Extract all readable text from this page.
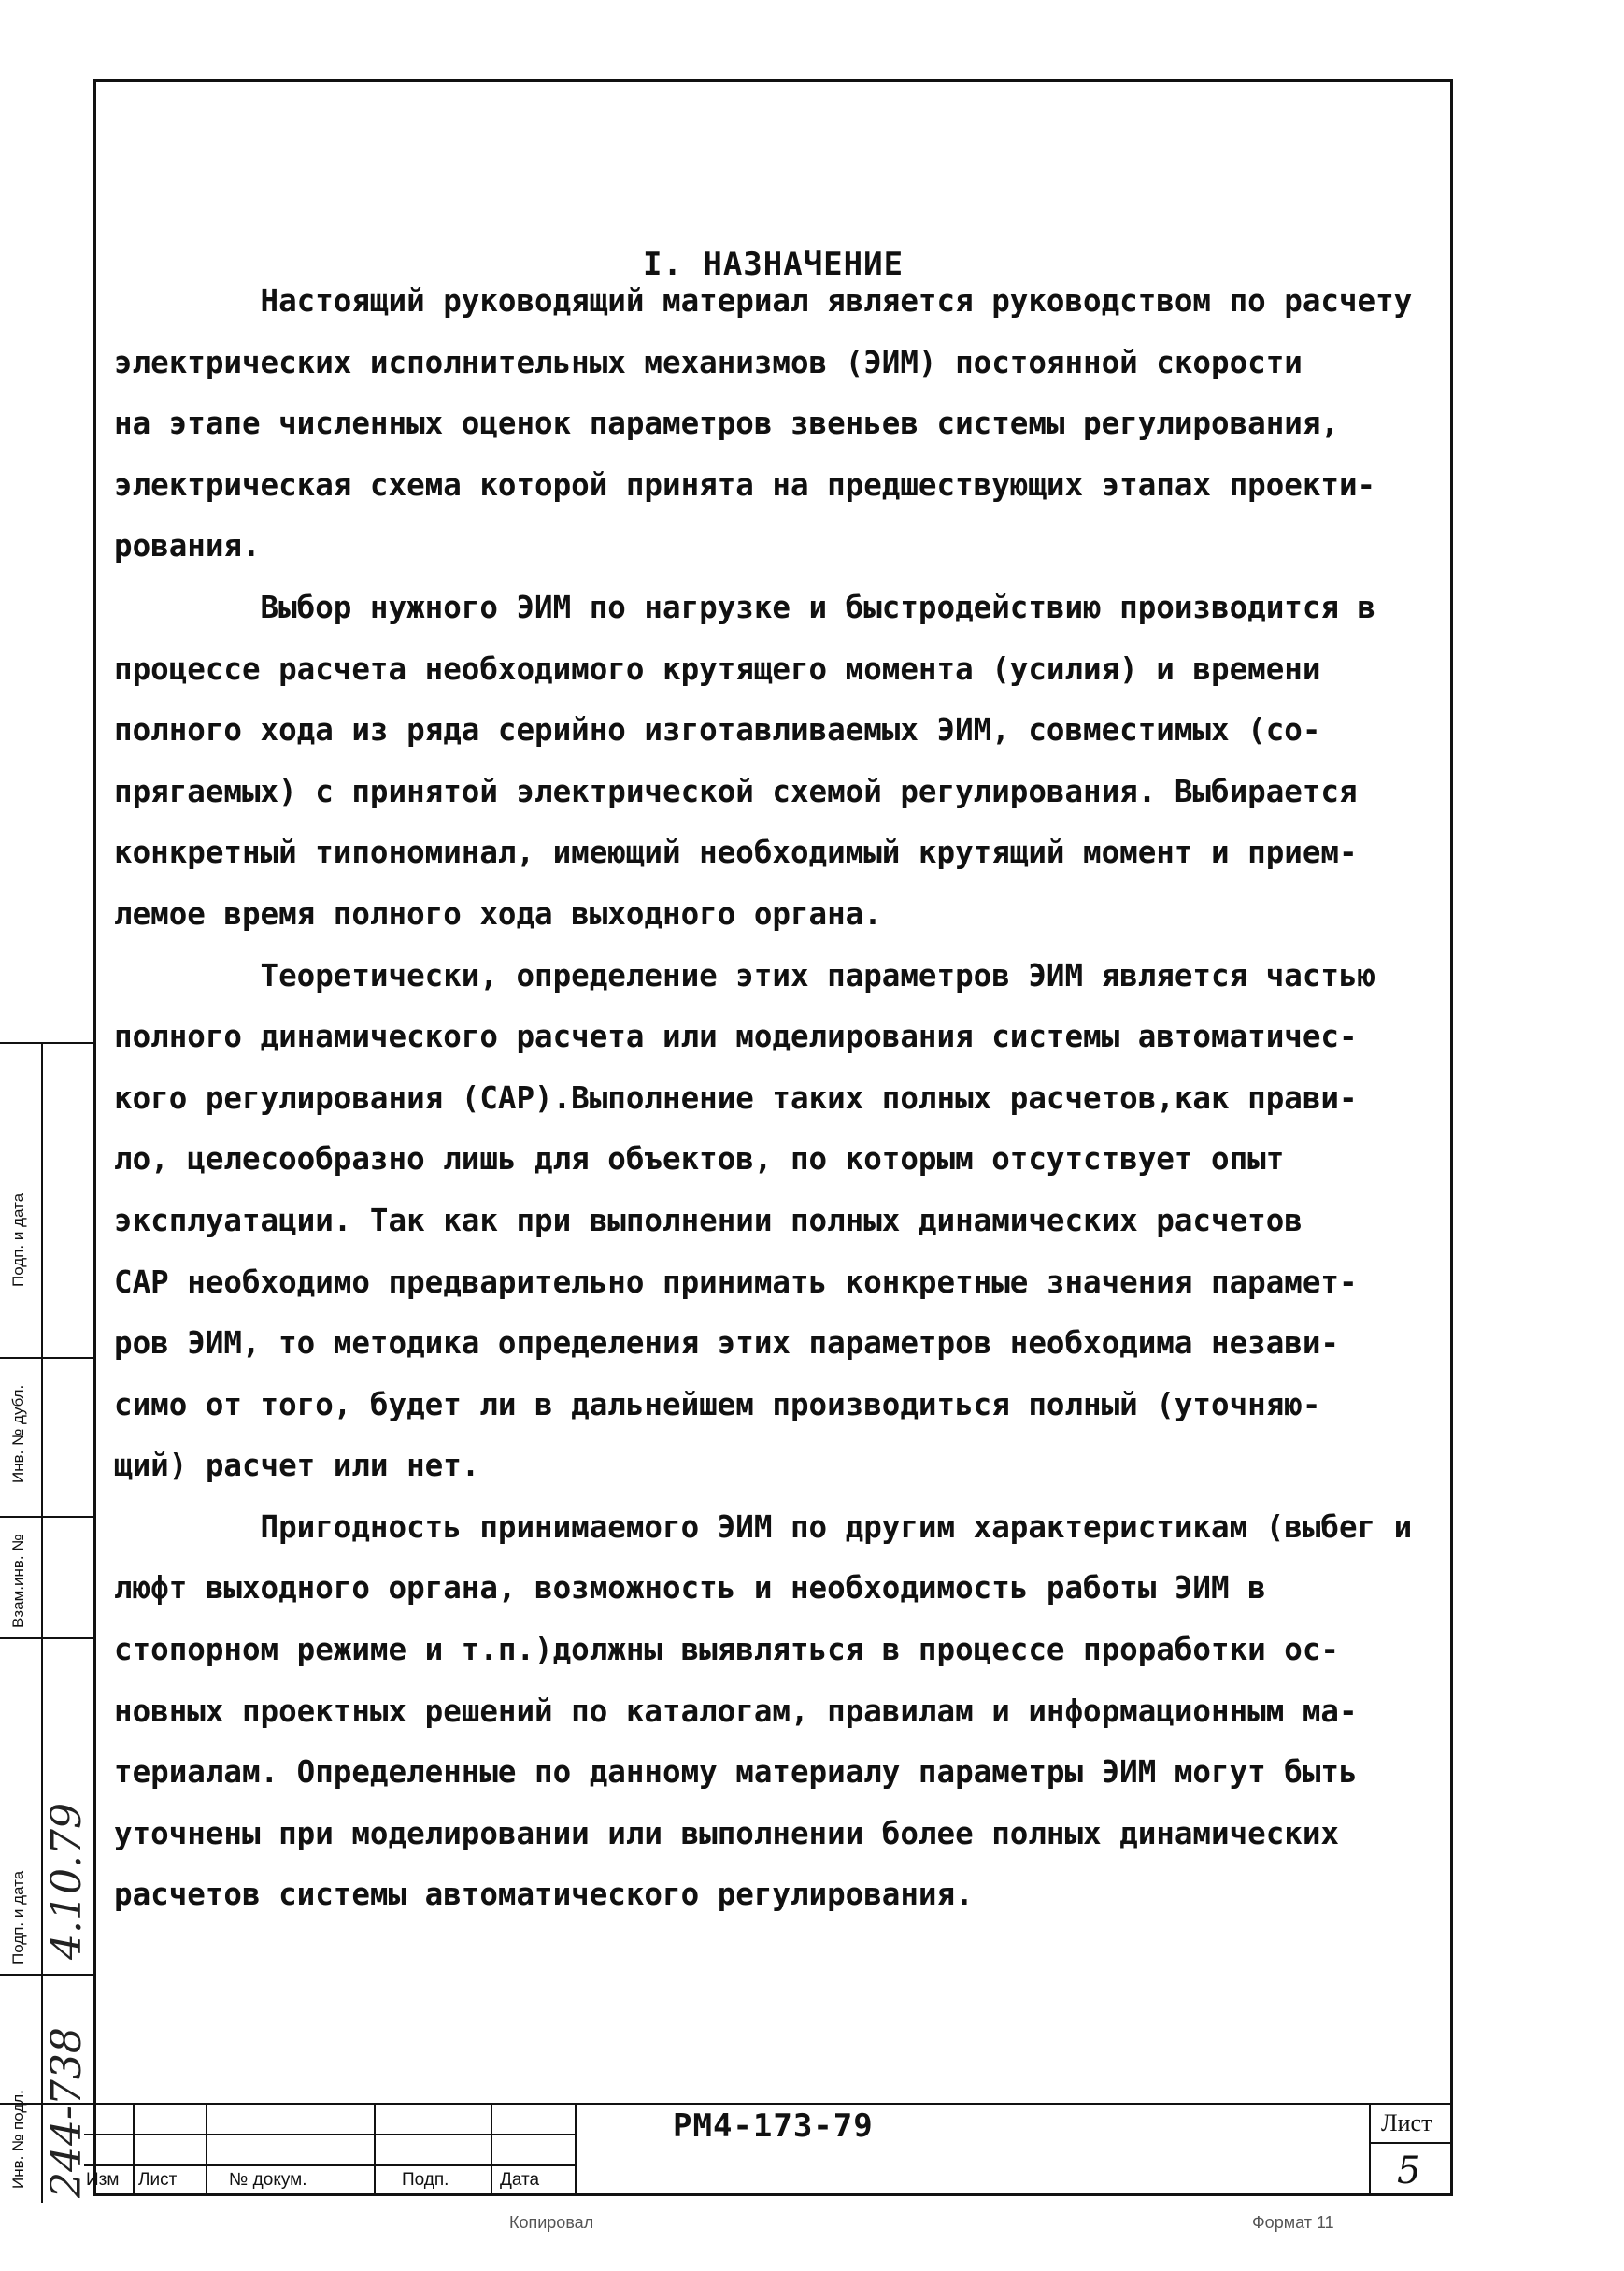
I. НАЗНАЧЕНИЕ
Настоящий руководящий материал является руководством по расчету
электрических исполнительных механизмов (ЭИМ) постоянной скорости
на этапе численных оценок параметров звеньев системы регулирования,
электрическая схема которой принята на предшествующих этапах проекти-
рования.
Выбор нужного ЭИМ по нагрузке и быстродействию производится в
процессе расчета необходимого крутящего момента (усилия) и времени
полного хода из ряда серийно изготавливаемых ЭИМ, совместимых (со-
прягаемых) с принятой электрической схемой регулирования. Выбирается
конкретный типономинал, имеющий необходимый крутящий момент и прием-
лемое время полного хода выходного органа.
Теоретически, определение этих параметров ЭИМ является частью
полного динамического расчета или моделирования системы автоматичес-
кого регулирования (САР).Выполнение таких полных расчетов,как прави-
ло, целесообразно лишь для объектов, по которым отсутствует опыт
эксплуатации. Так как при выполнении полных динамических расчетов
САР необходимо предварительно принимать конкретные значения парамет-
ров ЭИМ, то методика определения этих параметров необходима незави-
симо от того, будет ли в дальнейшем производиться полный (уточняю-
щий) расчет или нет.
Пригодность принимаемого ЭИМ по другим характеристикам (выбег и
люфт выходного органа, возможность и необходимость работы ЭИМ в
стопорном режиме и т.п.)должны выявляться в процессе проработки ос-
новных проектных решений по каталогам, правилам и информационным ма-
териалам. Определенные по данному материалу параметры ЭИМ могут быть
уточнены при моделировании или выполнении более полных динамических
расчетов системы автоматического регулирования.
Подп. и дата
Инв. № дубл.
Взам.инв. №
Подп. и дата
Инв. № подл.
4.10.79
244-738
Изм Лист	№ докум.	Подп.	Дата
РМ4-173-79	Лист
5
Копировал	Формат 11
